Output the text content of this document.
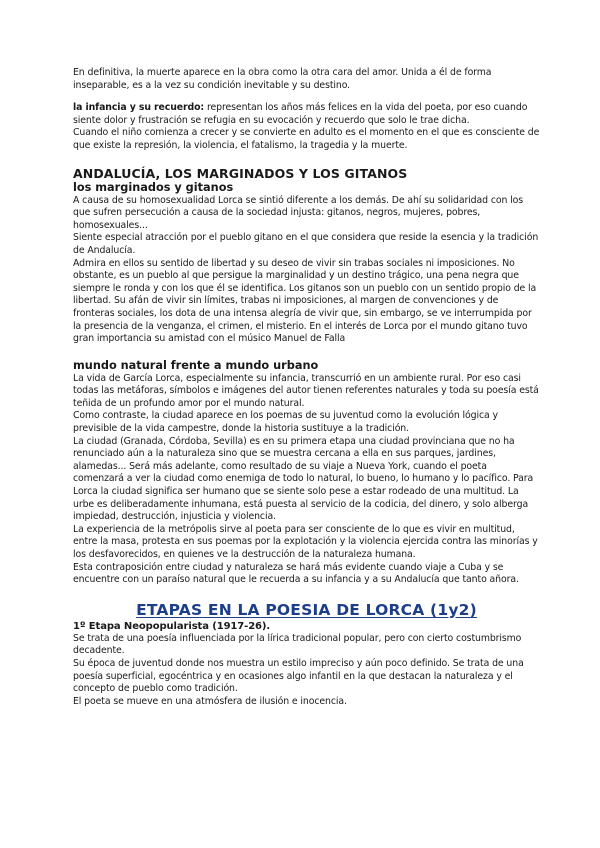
En definitiva, la muerte aparece en la obra como la otra cara del amor. Unida a él de forma inseparable, es a la vez su condición inevitable y su destino.

la infancia y su recuerdo: representan los años más felices en la vida del poeta, por eso cuando siente dolor y frustración se refugia en su evocación y recuerdo que solo le trae dicha.

Cuando el niño comienza a crecer y se convierte en adulto es el momento en el que es consciente de que existe la represión, la violencia, el fatalismo, la tragedia y la muerte.

ANDALUCÍA, LOS MARGINADOS Y LOS GITANOS
los marginados y gitanos

A causa de su homosexualidad Lorca se sintió diferente a los demás. De ahí su solidaridad con los que sufren persecución a causa de la sociedad injusta: gitanos, negros, mujeres, pobres, homosexuales...

Siente especial atracción por el pueblo gitano en el que considera que reside la esencia y la tradición de Andalucía.

Admira en ellos su sentido de libertad y su deseo de vivir sin trabas sociales ni imposiciones. No obstante, es un pueblo al que persigue la marginalidad y un destino trágico, una pena negra que siempre le ronda y con los que él se identifica. Los gitanos son un pueblo con un sentido propio de la libertad. Su afán de vivir sin límites, trabas ni imposiciones, al margen de convenciones y de fronteras sociales, los dota de una intensa alegría de vivir que, sin embargo, se ve interrumpida por la presencia de la venganza, el crimen, el misterio. En el interés de Lorca por el mundo gitano tuvo gran importancia su amistad con el músico Manuel de Falla

mundo natural frente a mundo urbano

La vida de García Lorca, especialmente su infancia, transcurrió en un ambiente rural. Por eso casi todas las metáforas, símbolos e imágenes del autor tienen referentes naturales y toda su poesía está teñida de un profundo amor por el mundo natural.

Como contraste, la ciudad aparece en los poemas de su juventud como la evolución lógica y previsible de la vida campestre, donde la historia sustituye a la tradición.

La ciudad (Granada, Córdoba, Sevilla) es en su primera etapa una ciudad provinciana que no ha renunciado aún a la naturaleza sino que se muestra cercana a ella en sus parques, jardines, alamedas... Será más adelante, como resultado de su viaje a Nueva York, cuando el poeta comenzará a ver la ciudad como enemiga de todo lo natural, lo bueno, lo humano y lo pacífico. Para Lorca la ciudad significa ser humano que se siente solo pese a estar rodeado de una multitud. La urbe es deliberadamente inhumana, está puesta al servicio de la codicia, del dinero, y solo alberga impiedad, destrucción, injusticia y violencia.

La experiencia de la metrópolis sirve al poeta para ser consciente de lo que es vivir en multitud, entre la masa, protesta en sus poemas por la explotación y la violencia ejercida contra las minorías y los desfavorecidos, en quienes ve la destrucción de la naturaleza humana.

Esta contraposición entre ciudad y naturaleza se hará más evidente cuando viaje a Cuba y se encuentre con un paraíso natural que le recuerda a su infancia y a su Andalucía que tanto añora.

ETAPAS EN LA POESIA DE LORCA (1y2)

1º Etapa Neopopularista (1917-26).

Se trata de una poesía influenciada por la lírica tradicional popular, pero con cierto costumbrismo decadente.

Su época de juventud donde nos muestra un estilo impreciso y aún poco definido. Se trata de una poesía superficial, egocéntrica y en ocasiones algo infantil en la que destacan la naturaleza y el concepto de pueblo como tradición.

El poeta se mueve en una atmósfera de ilusión e inocencia.
